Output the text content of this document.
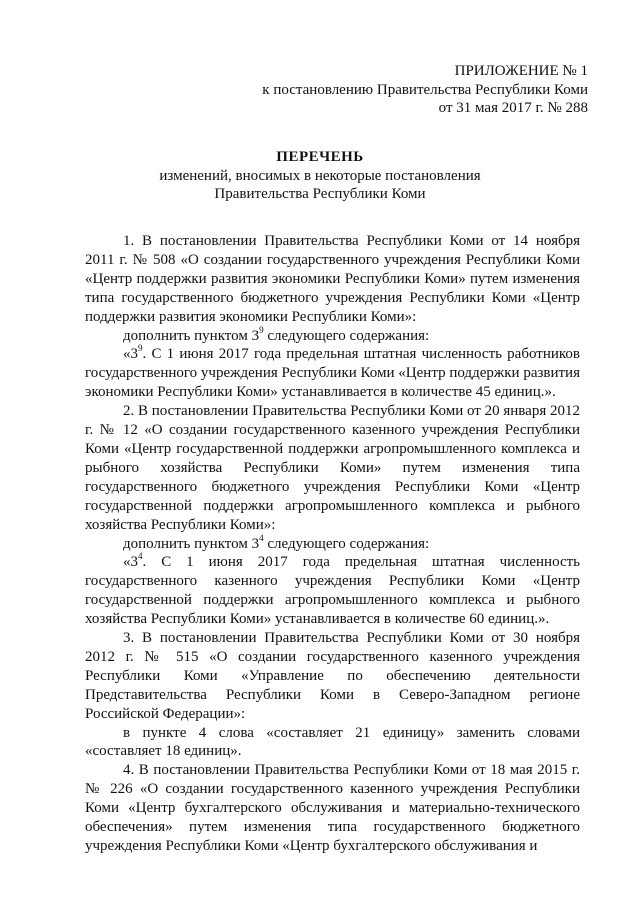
ПРИЛОЖЕНИЕ № 1
к постановлению Правительства Республики Коми
от 31 мая 2017 г. № 288
ПЕРЕЧЕНЬ
изменений, вносимых в некоторые постановления
Правительства Республики Коми

1. В постановлении Правительства Республики Коми от 14 ноября 2011 г. № 508 «О создании государственного учреждения Республики Коми «Центр поддержки развития экономики Республики Коми» путем изменения типа государственного бюджетного учреждения Республики Коми «Центр поддержки развития экономики Республики Коми»:

дополнить пунктом $3^9$ следующего содержания:

«$3^9$. С 1 июня 2017 года предельная штатная численность работников государственного учреждения Республики Коми «Центр поддержки развития экономики Республики Коми» устанавливается в количестве 45 единиц.».

2. В постановлении Правительства Республики Коми от 20 января 2012 г. № 12 «О создании государственного казенного учреждения Республики Коми «Центр государственной поддержки агропромышленного комплекса и рыбного хозяйства Республики Коми» путем изменения типа государственного бюджетного учреждения Республики Коми «Центр государственной поддержки агропромышленного комплекса и рыбного хозяйства Республики Коми»:

дополнить пунктом $3^4$ следующего содержания:

«$3^4$. С 1 июня 2017 года предельная штатная численность государственного казенного учреждения Республики Коми «Центр государственной поддержки агропромышленного комплекса и рыбного хозяйства Республики Коми» устанавливается в количестве 60 единиц.».

3. В постановлении Правительства Республики Коми от 30 ноября 2012 г. № 515 «О создании государственного казенного учреждения Республики Коми «Управление по обеспечению деятельности Представительства Республики Коми в Северо-Западном регионе Российской Федерации»:

в пункте 4 слова «составляет 21 единицу» заменить словами «составляет 18 единиц».

4. В постановлении Правительства Республики Коми от 18 мая 2015 г. № 226 «О создании государственного казенного учреждения Республики Коми «Центр бухгалтерского обслуживания и материально-технического обеспечения» путем изменения типа государственного бюджетного учреждения Республики Коми «Центр бухгалтерского обслуживания и
